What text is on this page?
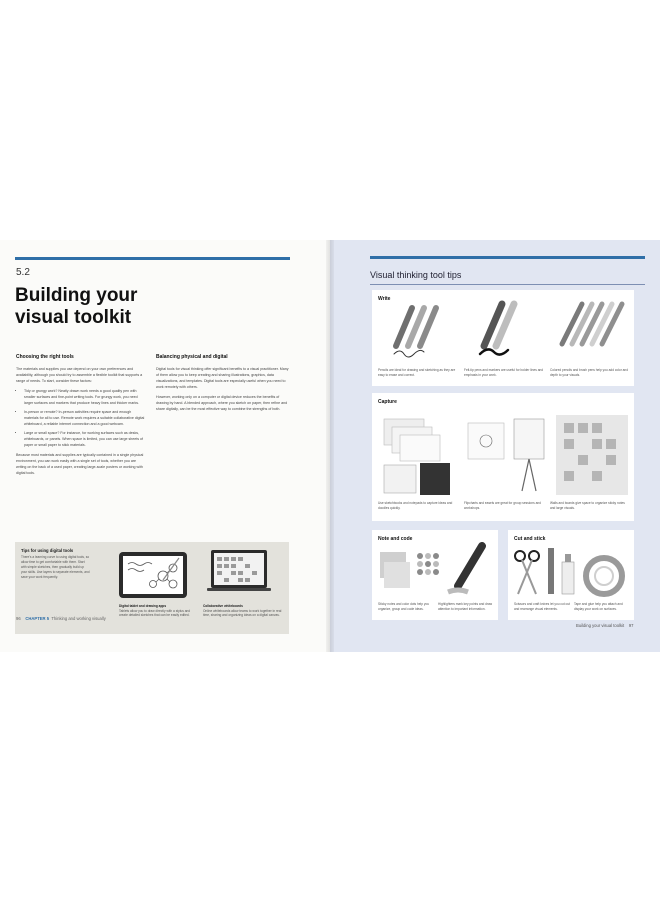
5.2
Building your visual toolkit
Choosing the right tools

The materials and supplies you use depend on your own preferences and availability, although you should try to assemble a flexible toolkit that supports a range of needs. To start, consider these factors:

• Tidy or grungy work? Neatly drawn work needs a good quality pen with smaller surfaces and fine-point writing tools. For grungy work, you need larger surfaces and markers that produce heavy lines and thicker marks.
• In-person or remote? In-person activities require space and enough materials for all to use. Remote work requires a suitable collaborative digital whiteboard, a reliable internet connection and a good webcam.
• Large or small space? For instance, for working surfaces such as desks, whiteboards, or panels. When space is limited, you can use large sheets of paper or small paper to stick materials.

Because most materials and supplies are typically contained in a single physical environment, you can work easily with a single set of tools, whether you are writing on the back of a used paper, creating large-scale posters or working with digital tools.

Balancing physical and digital

Digital tools for visual thinking offer significant benefits to a visual practitioner. Many of them allow you to keep creating and sharing illustrations, graphics, data visualizations, and templates. Digital tools are especially useful when you need to work remotely with others.

However, working only on a computer or digital device reduces the benefits of drawing by hand. A blended approach, where you sketch on paper, then refine and share digitally, can be the most effective way to combine the strengths of both.

Tips for using digital tools
There's a learning curve to using digital tools, so allow time to get comfortable with them. Start with simple sketches, then gradually build up your skills. Use layers to separate elements, and save your work frequently.
Digital tablet and drawing apps
Tablets allow you to draw directly with a stylus and create detailed sketches that can be easily edited.
Collaborative whiteboards
Online whiteboards allow teams to work together in real time, sharing and organizing ideas on a digital canvas.
96 CHAPTER 5 Thinking and working visually
Visual thinking tool tips
Write
Pencils are ideal for drawing and sketching as they are easy to erase and correct.
Felt-tip pens and markers are useful for bolder lines and emphasis in your work.
Colored pencils and brush pens help you add color and depth to your visuals.
Capture
Use sketchbooks and notepads to capture ideas and doodles quickly.
Flipcharts and easels are great for group sessions and workshops.
Walls and boards give space to organize sticky notes and large visuals.
Note and code
Sticky notes and color dots help you organize, group and code ideas.
Highlighters mark key points and draw attention to important information.
Cut and stick
Scissors and craft knives let you cut out and rearrange visual elements.
Tape and glue help you attach and display your work on surfaces.
Building your visual toolkit 97
